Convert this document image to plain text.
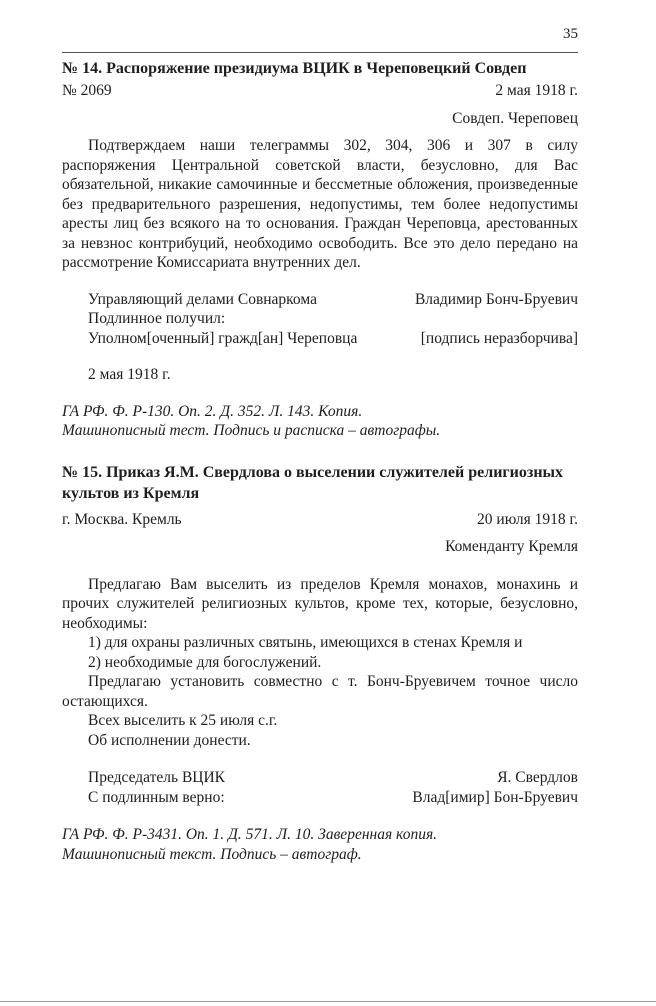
35

№ 14. Распоряжение президиума ВЦИК в Череповецкий Совдеп

№ 2069	2 мая 1918 г.
Совдеп. Череповец

Подтверждаем наши телеграммы 302, 304, 306 и 307 в силу распоряжения Центральной советской власти, безусловно, для Вас обязательной, никакие самочинные и бессметные обложения, произведенные без предварительного разрешения, недопустимы, тем более недопустимы аресты лиц без всякого на то основания. Граждан Череповца, арестованных за невзнос контрибуций, необходимо освободить. Все это дело передано на рассмотрение Комиссариата внутренних дел.

Управляющий делами Совнаркома	Владимир Бонч-Бруевич
Подлинное получил:
Уполном[оченный] гражд[ан] Череповца	[подпись неразборчива]
2 мая 1918 г.
ГА РФ. Ф. Р-130. Оп. 2. Д. 352. Л. 143. Копия.
Машинописный тест. Подпись и расписка – автографы.

№ 15. Приказ Я.М. Свердлова о выселении служителей религиозных культов из Кремля

г. Москва. Кремль	20 июля 1918 г.
Коменданту Кремля

Предлагаю Вам выселить из пределов Кремля монахов, монахинь и прочих служителей религиозных культов, кроме тех, которые, безусловно, необходимы:

1) для охраны различных святынь, имеющихся в стенах Кремля и
2) необходимые для богослужений.

Предлагаю установить совместно с т. Бонч-Бруевичем точное число остающихся.

Всех выселить к 25 июля с.г.
Об исполнении донести.
Председатель ВЦИК	Я. Свердлов
С подлинным верно:	Влад[имир] Бон-Бруевич
ГА РФ. Ф. Р-3431. Оп. 1. Д. 571. Л. 10. Заверенная копия.
Машинописный текст. Подпись – автограф.
